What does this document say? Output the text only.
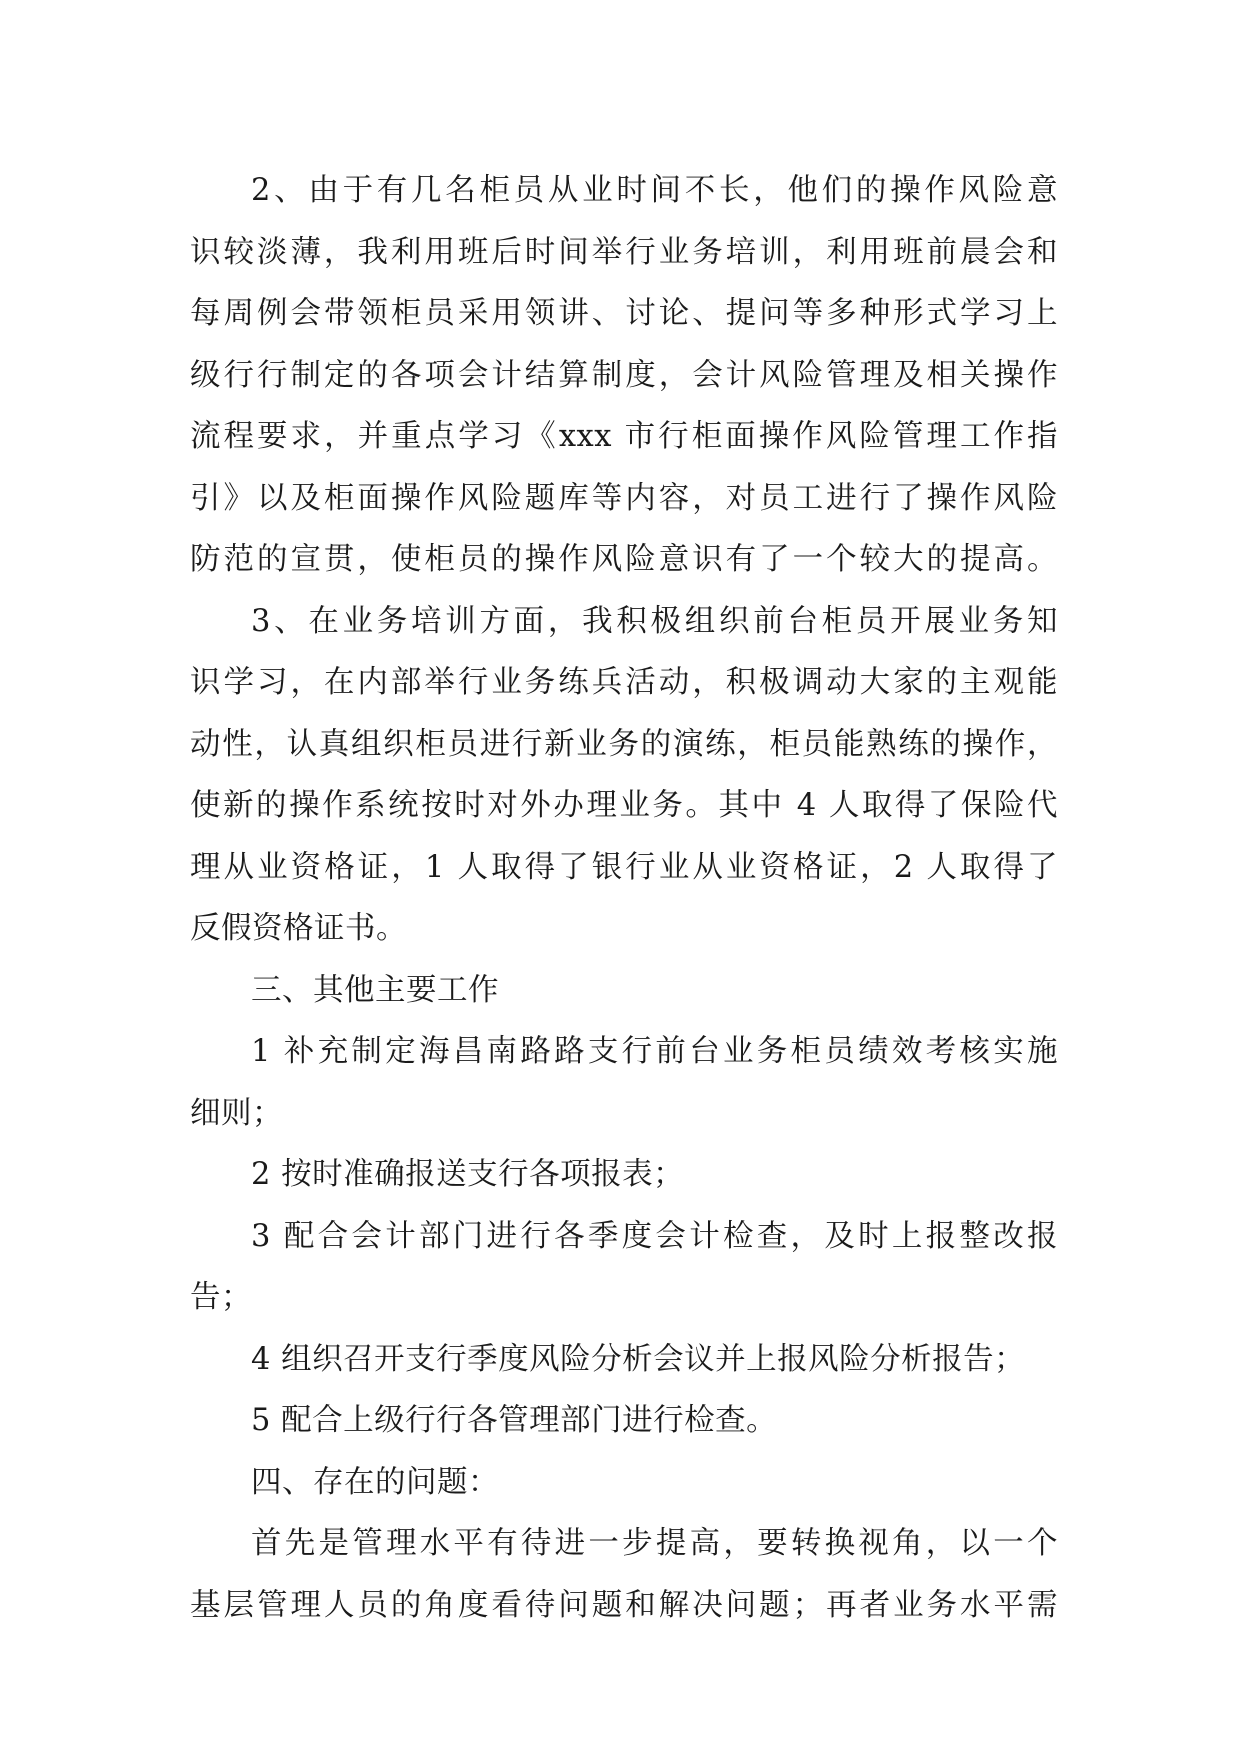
2、由于有几名柜员从业时间不长，他们的操作风险意
识较淡薄，我利用班后时间举行业务培训，利用班前晨会和
每周例会带领柜员采用领讲、讨论、提问等多种形式学习上
级行行制定的各项会计结算制度，会计风险管理及相关操作
流程要求，并重点学习《xxx 市行柜面操作风险管理工作指
引》以及柜面操作风险题库等内容，对员工进行了操作风险
防范的宣贯，使柜员的操作风险意识有了一个较大的提高。

3、在业务培训方面，我积极组织前台柜员开展业务知
识学习，在内部举行业务练兵活动，积极调动大家的主观能
动性，认真组织柜员进行新业务的演练，柜员能熟练的操作，
使新的操作系统按时对外办理业务。其中 4 人取得了保险代
理从业资格证，1 人取得了银行业从业资格证，2 人取得了
反假资格证书。

三、其他主要工作

1 补充制定海昌南路路支行前台业务柜员绩效考核实施
细则；

2 按时准确报送支行各项报表；

3 配合会计部门进行各季度会计检查，及时上报整改报
告；

4 组织召开支行季度风险分析会议并上报风险分析报告；

5 配合上级行行各管理部门进行检查。

四、存在的问题：

首先是管理水平有待进一步提高，要转换视角，以一个
基层管理人员的角度看待问题和解决问题；再者业务水平需
